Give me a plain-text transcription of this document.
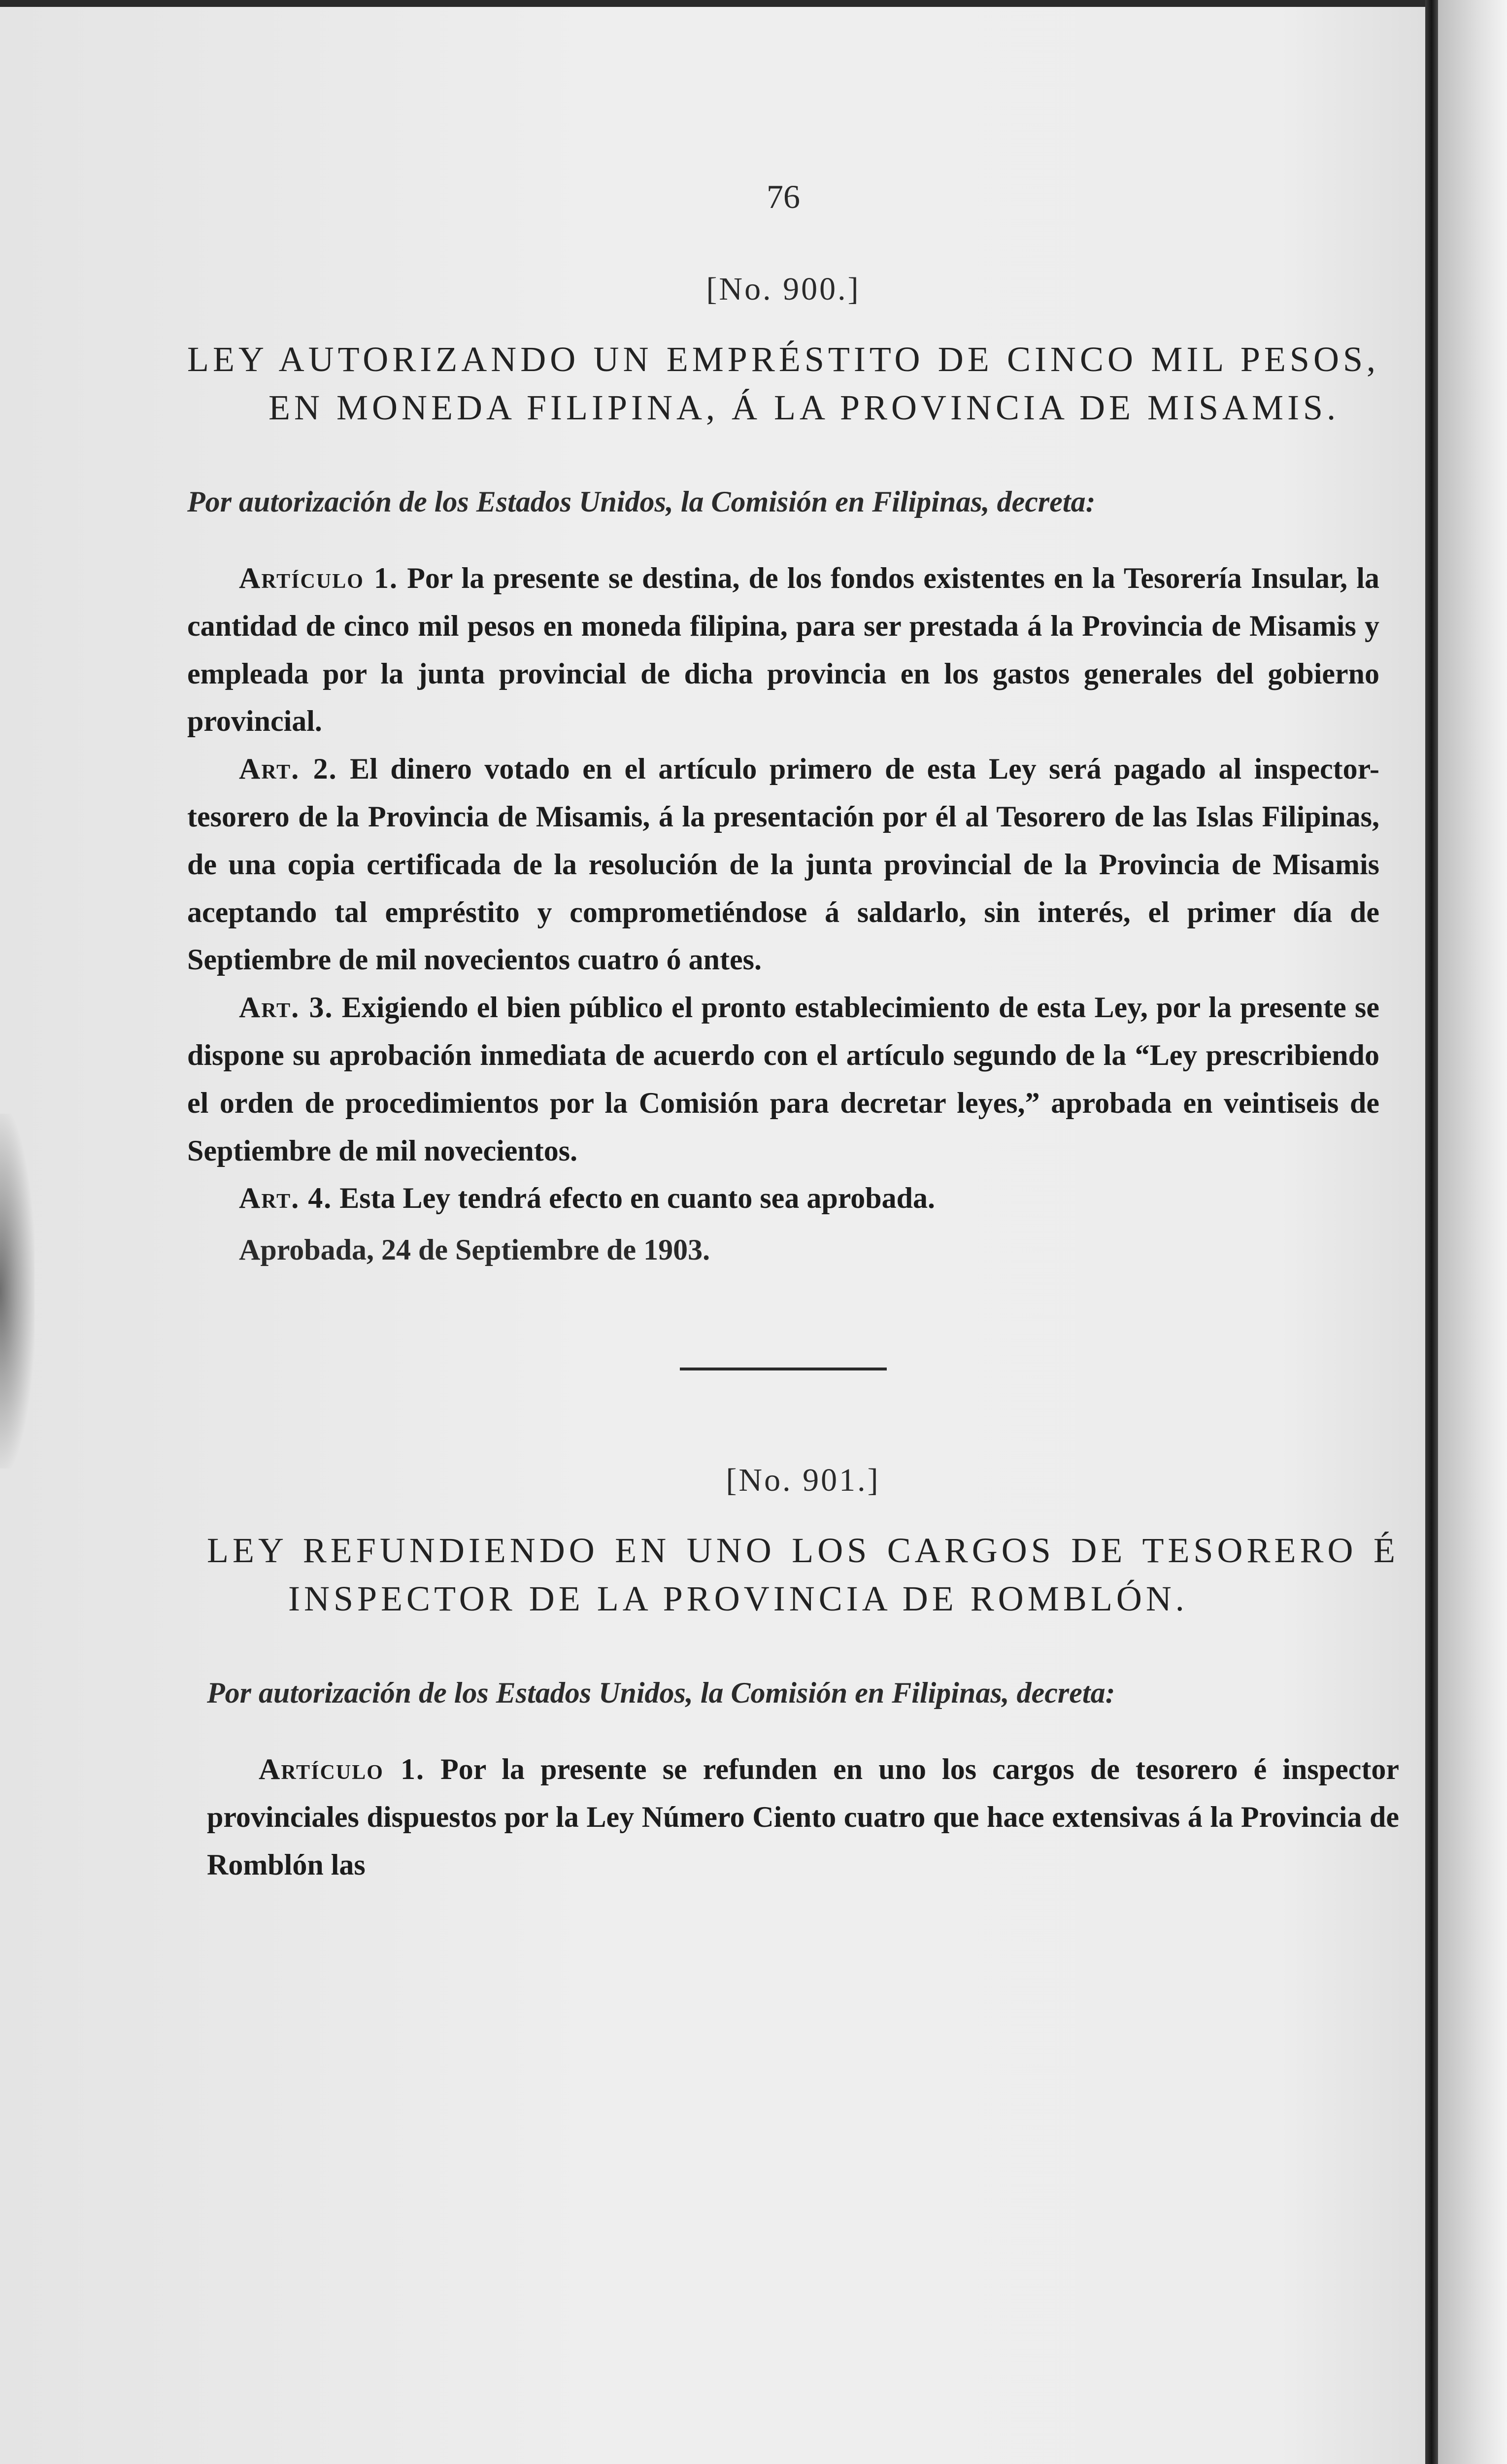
76
[No. 900.]
LEY AUTORIZANDO UN EMPRÉSTITO DE CINCO MIL PESOS, EN MONEDA FILIPINA, Á LA PROVINCIA DE MISAMIS.
Por autorización de los Estados Unidos, la Comisión en Filipinas, decreta:

Artículo 1. Por la presente se destina, de los fondos existentes en la Tesorería Insular, la cantidad de cinco mil pesos en moneda filipina, para ser prestada á la Provincia de Misamis y empleada por la junta provincial de dicha provincia en los gastos generales del gobierno provincial.

Art. 2. El dinero votado en el artículo primero de esta Ley será pagado al inspector-tesorero de la Provincia de Misamis, á la presentación por él al Tesorero de las Islas Filipinas, de una copia certificada de la resolución de la junta provincial de la Provincia de Misamis aceptando tal empréstito y comprometiéndose á saldarlo, sin interés, el primer día de Septiembre de mil novecientos cuatro ó antes.

Art. 3. Exigiendo el bien público el pronto establecimiento de esta Ley, por la presente se dispone su aprobación inmediata de acuerdo con el artículo segundo de la “Ley prescribiendo el orden de procedimientos por la Comisión para decretar leyes,” aprobada en veintiseis de Septiembre de mil novecientos.

Art. 4. Esta Ley tendrá efecto en cuanto sea aprobada.

Aprobada, 24 de Septiembre de 1903.

[No. 901.]
LEY REFUNDIENDO EN UNO LOS CARGOS DE TESORERO É INSPECTOR DE LA PROVINCIA DE ROMBLÓN.
Por autorización de los Estados Unidos, la Comisión en Filipinas, decreta:

Artículo 1. Por la presente se refunden en uno los cargos de tesorero é inspector provinciales dispuestos por la Ley Número Ciento cuatro que hace extensivas á la Provincia de Romblón las
